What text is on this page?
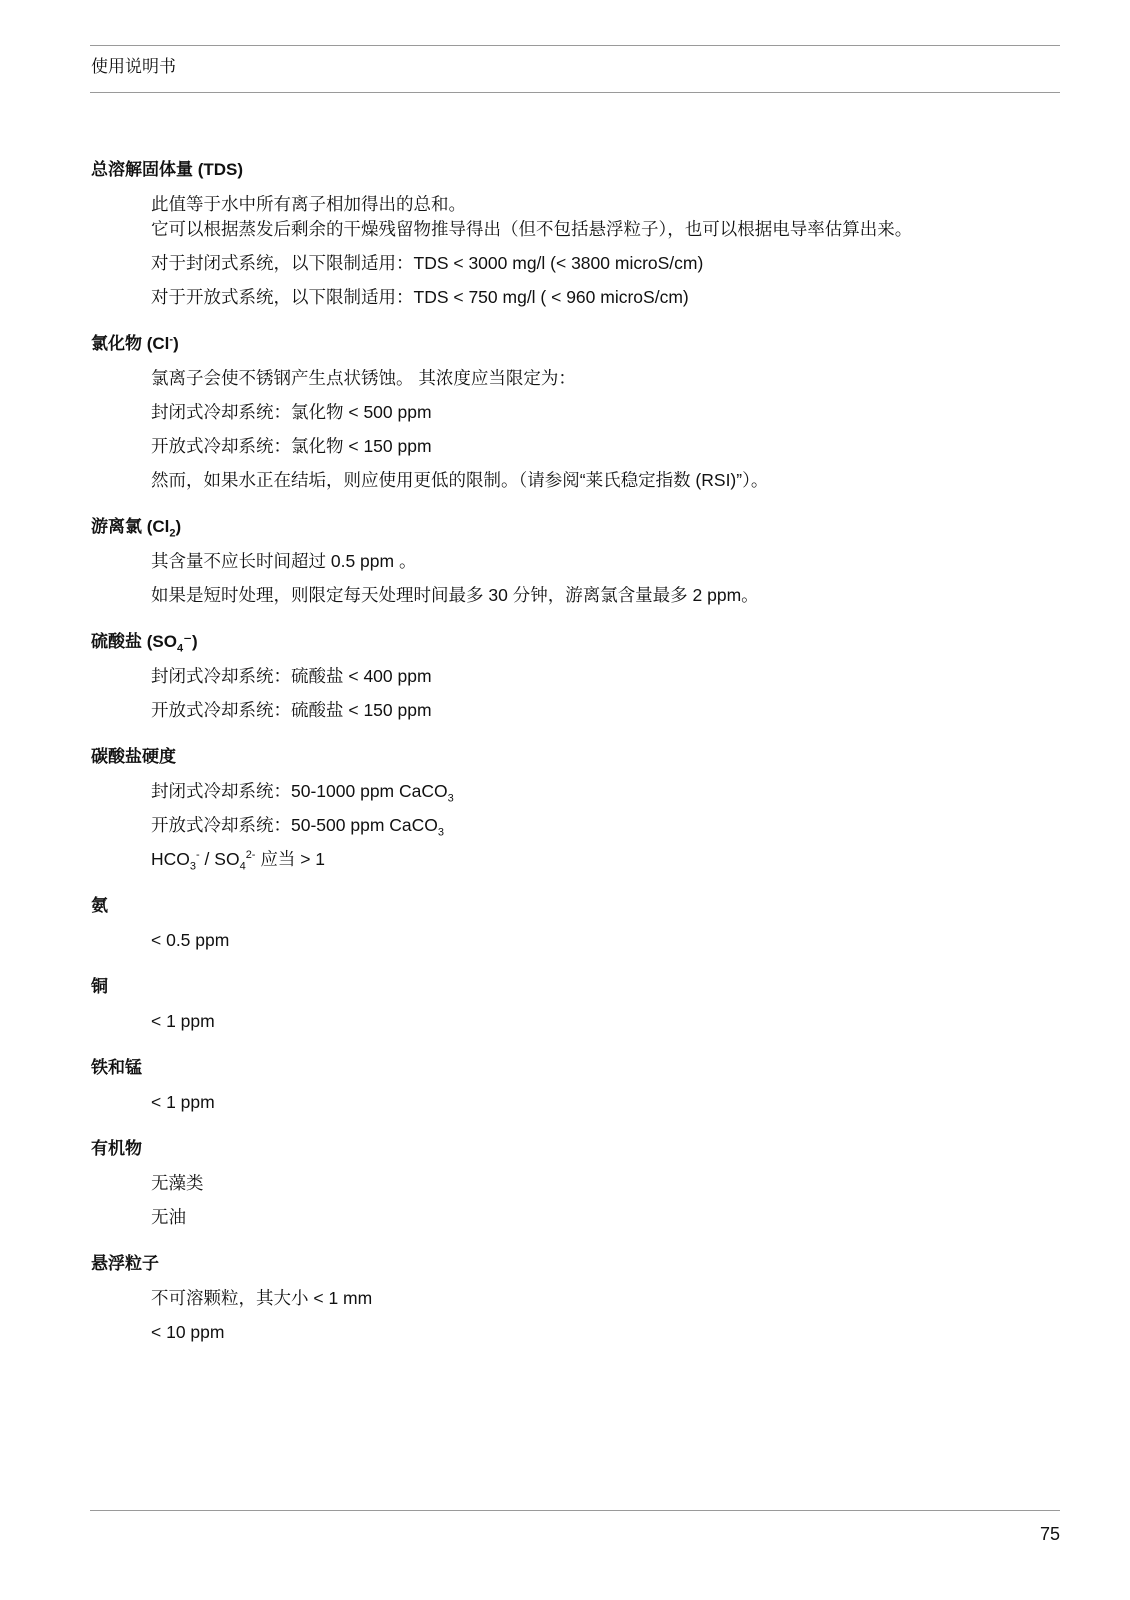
使用说明书
总溶解固体量 (TDS)
此值等于水中所有离子相加得出的总和。
它可以根据蒸发后剩余的干燥残留物推导得出（但不包括悬浮粒子），也可以根据电导率估算出来。
对于封闭式系统，以下限制适用：TDS < 3000 mg/l (< 3800 microS/cm)
对于开放式系统，以下限制适用：TDS < 750 mg/l ( < 960 microS/cm)
氯化物 (Cl-)
氯离子会使不锈钢产生点状锈蚀。 其浓度应当限定为：
封闭式冷却系统：氯化物 < 500 ppm
开放式冷却系统：氯化物 < 150 ppm
然而，如果水正在结垢，则应使用更低的限制。（请参阅“莱氏稳定指数 (RSI)”）。
游离氯 $(Cl_2)$
其含量不应长时间超过 0.5 ppm 。
如果是短时处理，则限定每天处理时间最多 30 分钟，游离氯含量最多 2 ppm。
硫酸盐 $(SO_4^-)$
封闭式冷却系统：硫酸盐 < 400 ppm
开放式冷却系统：硫酸盐 < 150 ppm
碳酸盐硬度
封闭式冷却系统：50-1000 ppm CaCO$_3$
开放式冷却系统：50-500 ppm CaCO$_3$
$HCO_3^- / SO_4^{2-}$ 应当 > 1
氨
< 0.5 ppm
铜
< 1 ppm
铁和锰
< 1 ppm
有机物
无藻类
无油
悬浮粒子
不可溶颗粒，其大小 < 1 mm
< 10 ppm
75
